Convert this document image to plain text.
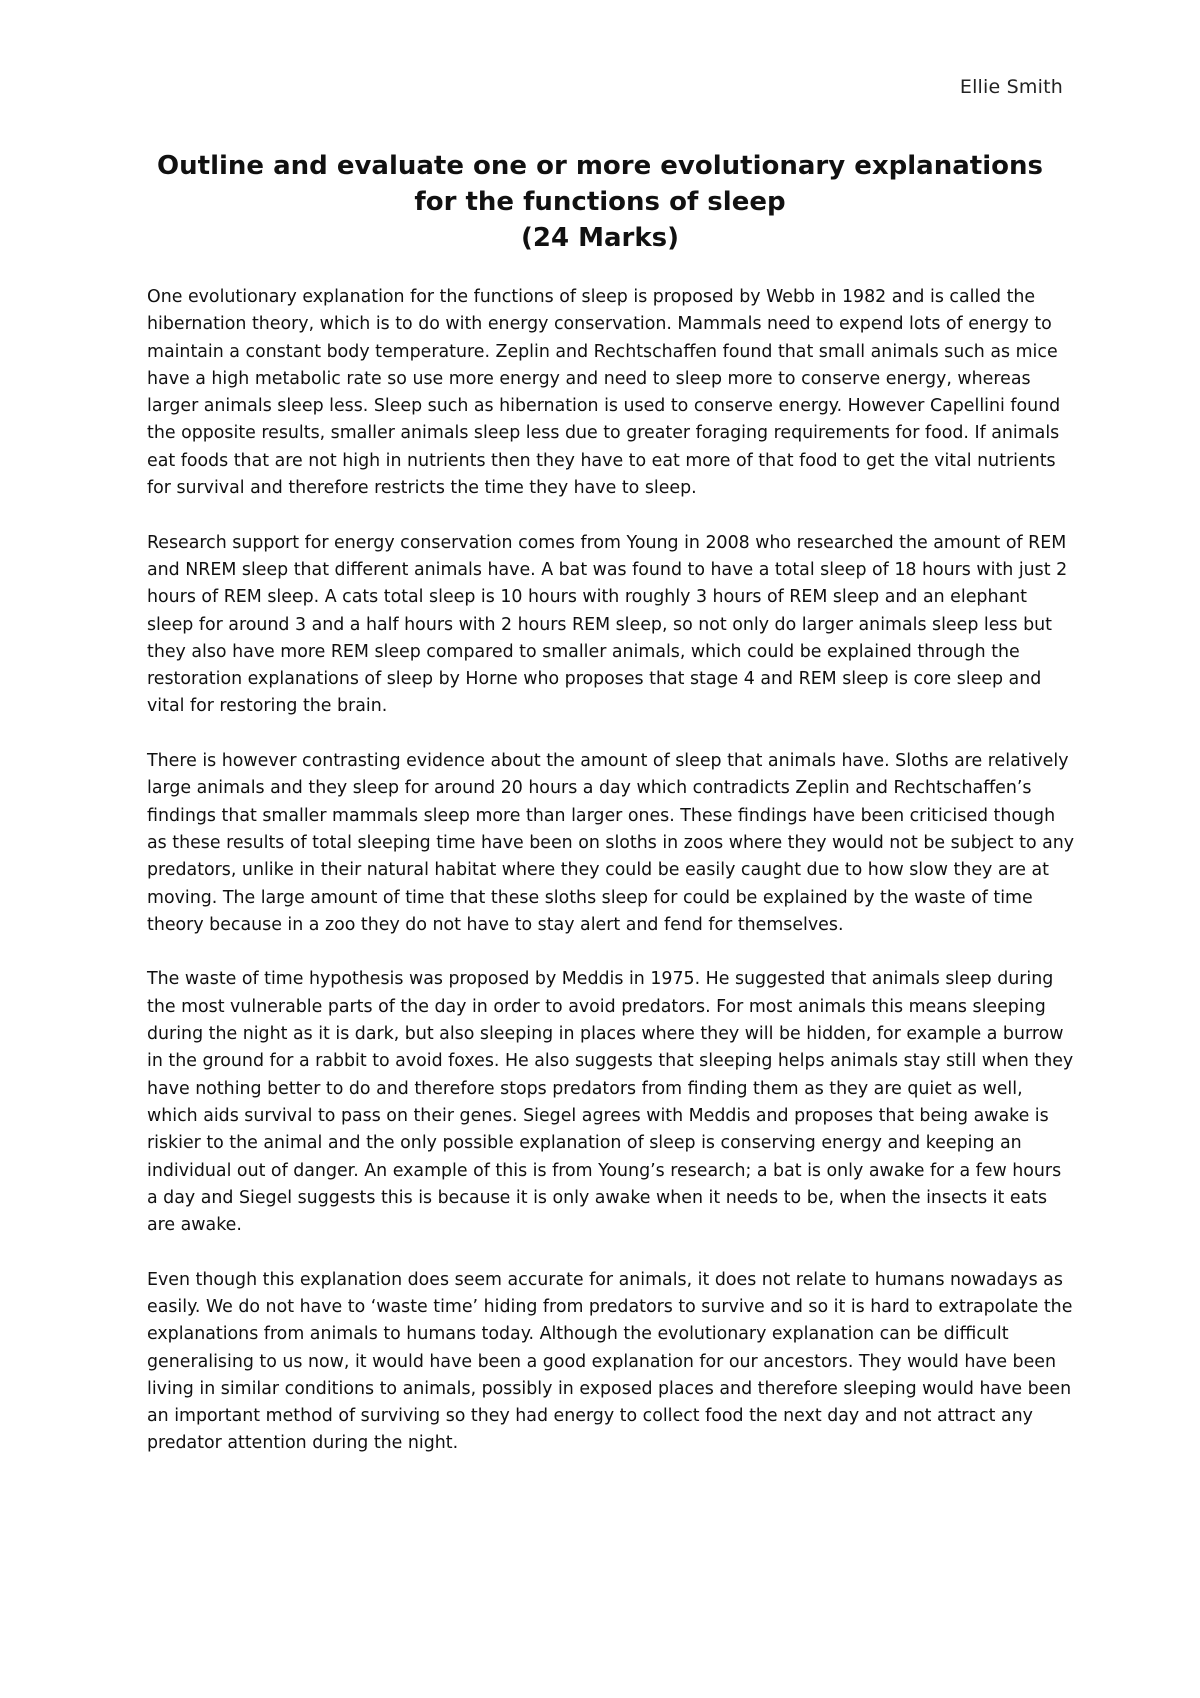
Ellie Smith
Outline and evaluate one or more evolutionary explanations
for the functions of sleep
(24 Marks)

One evolutionary explanation for the functions of sleep is proposed by Webb in 1982 and is called the hibernation theory, which is to do with energy conservation. Mammals need to expend lots of energy to maintain a constant body temperature. Zeplin and Rechtschaffen found that small animals such as mice have a high metabolic rate so use more energy and need to sleep more to conserve energy, whereas larger animals sleep less. Sleep such as hibernation is used to conserve energy. However Capellini found the opposite results, smaller animals sleep less due to greater foraging requirements for food. If animals eat foods that are not high in nutrients then they have to eat more of that food to get the vital nutrients for survival and therefore restricts the time they have to sleep.

Research support for energy conservation comes from Young in 2008 who researched the amount of REM and NREM sleep that different animals have. A bat was found to have a total sleep of 18 hours with just 2 hours of REM sleep. A cats total sleep is 10 hours with roughly 3 hours of REM sleep and an elephant sleep for around 3 and a half hours with 2 hours REM sleep, so not only do larger animals sleep less but they also have more REM sleep compared to smaller animals, which could be explained through the restoration explanations of sleep by Horne who proposes that stage 4 and REM sleep is core sleep and vital for restoring the brain.

There is however contrasting evidence about the amount of sleep that animals have. Sloths are relatively large animals and they sleep for around 20 hours a day which contradicts Zeplin and Rechtschaffen’s findings that smaller mammals sleep more than larger ones. These findings have been criticised though as these results of total sleeping time have been on sloths in zoos where they would not be subject to any predators, unlike in their natural habitat where they could be easily caught due to how slow they are at moving. The large amount of time that these sloths sleep for could be explained by the waste of time theory because in a zoo they do not have to stay alert and fend for themselves.

The waste of time hypothesis was proposed by Meddis in 1975. He suggested that animals sleep during the most vulnerable parts of the day in order to avoid predators. For most animals this means sleeping during the night as it is dark, but also sleeping in places where they will be hidden, for example a burrow in the ground for a rabbit to avoid foxes. He also suggests that sleeping helps animals stay still when they have nothing better to do and therefore stops predators from finding them as they are quiet as well, which aids survival to pass on their genes. Siegel agrees with Meddis and proposes that being awake is riskier to the animal and the only possible explanation of sleep is conserving energy and keeping an individual out of danger. An example of this is from Young’s research; a bat is only awake for a few hours a day and Siegel suggests this is because it is only awake when it needs to be, when the insects it eats are awake.

Even though this explanation does seem accurate for animals, it does not relate to humans nowadays as easily. We do not have to ‘waste time’ hiding from predators to survive and so it is hard to extrapolate the explanations from animals to humans today. Although the evolutionary explanation can be difficult generalising to us now, it would have been a good explanation for our ancestors. They would have been living in similar conditions to animals, possibly in exposed places and therefore sleeping would have been an important method of surviving so they had energy to collect food the next day and not attract any predator attention during the night.
